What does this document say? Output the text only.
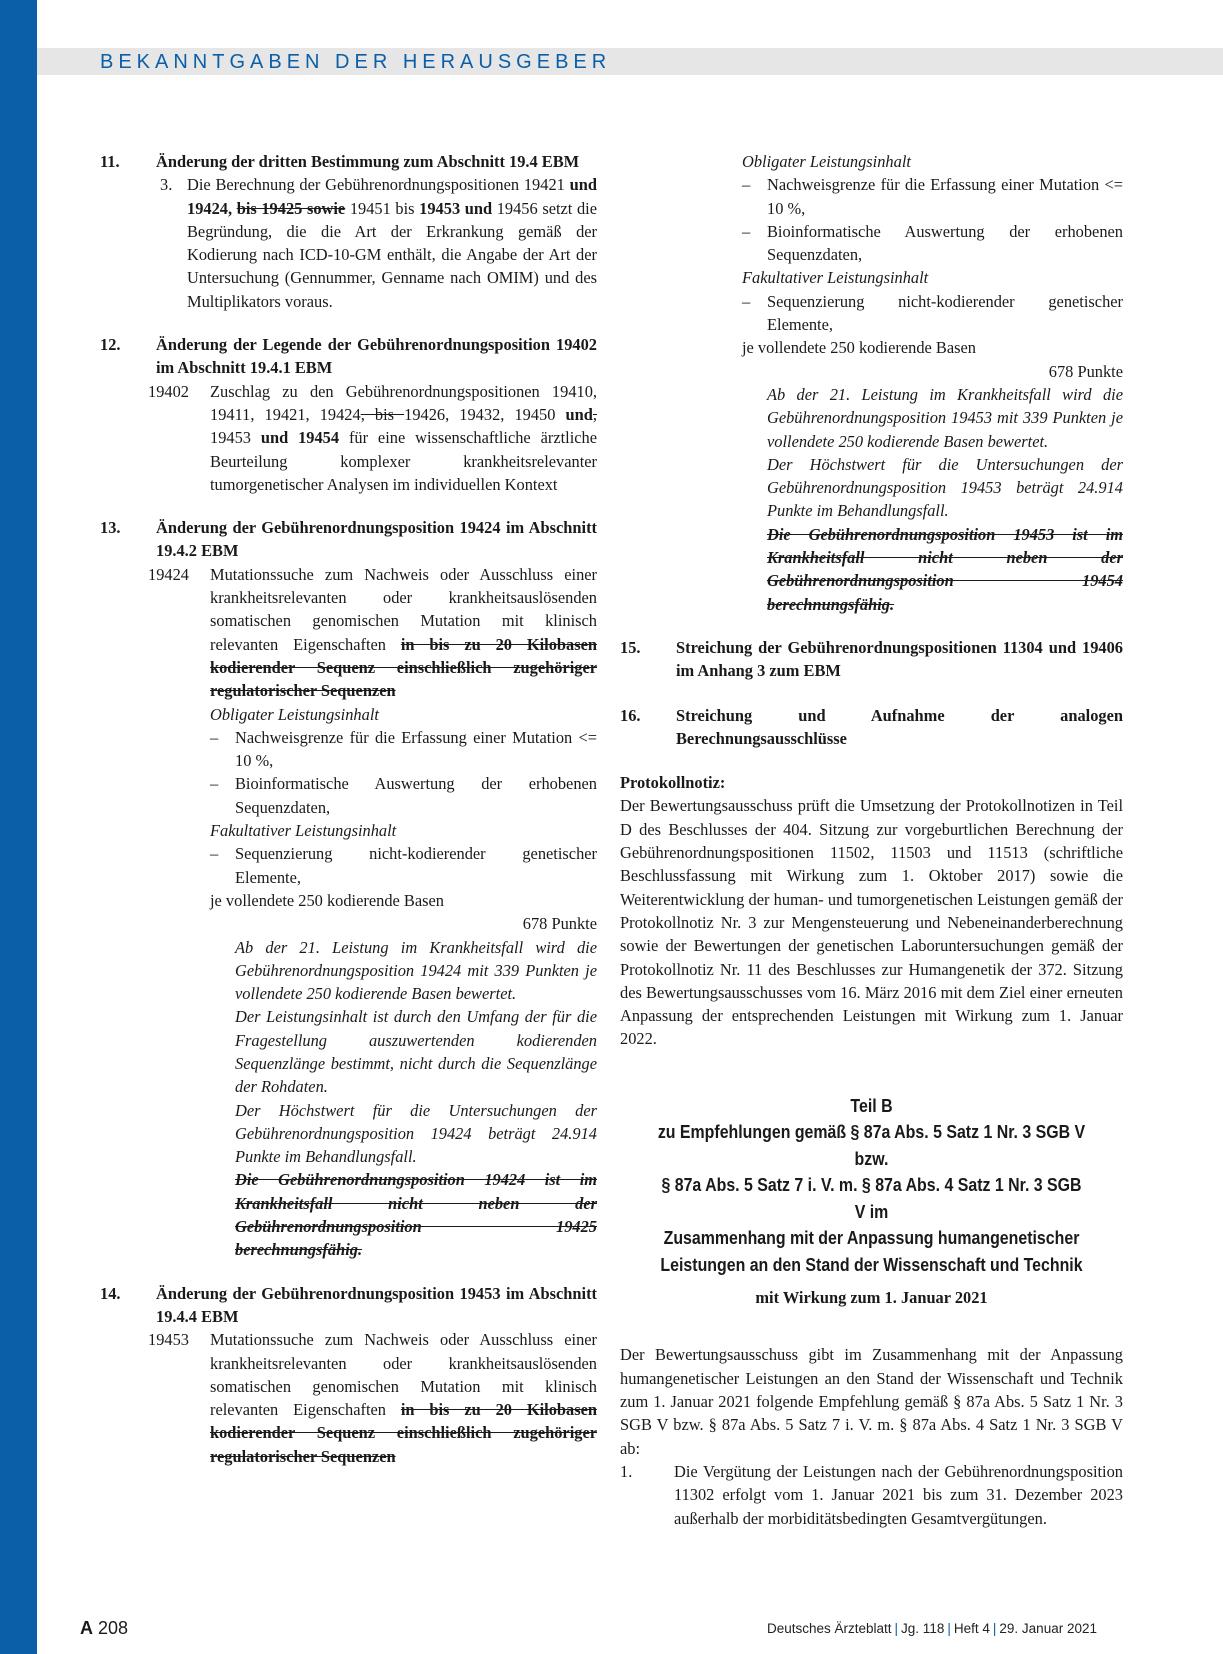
BEKANNTGABEN DER HERAUSGEBER
11.	Änderung der dritten Bestimmung zum Abschnitt 19.4 EBM
3. Die Berechnung der Gebührenordnungspositionen 19421 und 19424, bis 19425 sowie 19451 bis 19453 und 19456 setzt die Begründung, die die Art der Erkrankung gemäß der Kodierung nach ICD-10-GM enthält, die Angabe der Art der Untersuchung (Gennummer, Genname nach OMIM) und des Multiplikators voraus.
12.	Änderung der Legende der Gebührenordnungsposition 19402 im Abschnitt 19.4.1 EBM
19402	Zuschlag zu den Gebührenordnungspositionen 19410, 19411, 19421, 19424, bis 19426, 19432, 19450 und, 19453 und 19454 für eine wissenschaftliche ärztliche Beurteilung komplexer krankheitsrelevanter tumorgenetischer Analysen im individuellen Kontext
13.	Änderung der Gebührenordnungsposition 19424 im Abschnitt 19.4.2 EBM
19424	Mutationssuche zum Nachweis oder Ausschluss einer krankheitsrelevanten oder krankheitsauslösenden somatischen genomischen Mutation mit klinisch relevanten Eigenschaften in bis zu 20 Kilobasen kodierender Sequenz einschließlich zugehöriger regulatorischer Sequenzen
Obligater Leistungsinhalt
–	Nachweisgrenze für die Erfassung einer Mutation <= 10 %,
–	Bioinformatische Auswertung der erhobenen Sequenzdaten,
Fakultativer Leistungsinhalt
–	Sequenzierung nicht-kodierender genetischer Elemente,
je vollendete 250 kodierende Basen
678 Punkte
Ab der 21. Leistung im Krankheitsfall wird die Gebührenordnungsposition 19424 mit 339 Punkten je vollendete 250 kodierende Basen bewertet.
Der Leistungsinhalt ist durch den Umfang der für die Fragestellung auszuwertenden kodierenden Sequenzlänge bestimmt, nicht durch die Sequenzlänge der Rohdaten.
Der Höchstwert für die Untersuchungen der Gebührenordnungsposition 19424 beträgt 24.914 Punkte im Behandlungsfall.
Die Gebührenordnungsposition 19424 ist im Krankheitsfall nicht neben der Gebührenordnungsposition 19425 berechnungsfähig.
14.	Änderung der Gebührenordnungsposition 19453 im Abschnitt 19.4.4 EBM
19453	Mutationssuche zum Nachweis oder Ausschluss einer krankheitsrelevanten oder krankheitsauslösenden somatischen genomischen Mutation mit klinisch relevanten Eigenschaften in bis zu 20 Kilobasen kodierender Sequenz einschließlich zugehöriger regulatorischer Sequenzen
Obligater Leistungsinhalt
–	Nachweisgrenze für die Erfassung einer Mutation <= 10 %,
–	Bioinformatische Auswertung der erhobenen Sequenzdaten,
Fakultativer Leistungsinhalt
–	Sequenzierung nicht-kodierender genetischer Elemente,
je vollendete 250 kodierende Basen
678 Punkte
Ab der 21. Leistung im Krankheitsfall wird die Gebührenordnungsposition 19453 mit 339 Punkten je vollendete 250 kodierende Basen bewertet.
Der Höchstwert für die Untersuchungen der Gebührenordnungsposition 19453 beträgt 24.914 Punkte im Behandlungsfall.
Die Gebührenordnungsposition 19453 ist im Krankheitsfall nicht neben der Gebührenordnungsposition 19454 berechnungsfähig.
15.	Streichung der Gebührenordnungspositionen 11304 und 19406 im Anhang 3 zum EBM
16.	Streichung und Aufnahme der analogen Berechnungsausschlüsse
Protokollnotiz:
Der Bewertungsausschuss prüft die Umsetzung der Protokollnotizen in Teil D des Beschlusses der 404. Sitzung zur vorgeburtlichen Berechnung der Gebührenordnungspositionen 11502, 11503 und 11513 (schriftliche Beschlussfassung mit Wirkung zum 1. Oktober 2017) sowie die Weiterentwicklung der human- und tumorgenetischen Leistungen gemäß der Protokollnotiz Nr. 3 zur Mengensteuerung und Nebeneinanderberechnung sowie der Bewertungen der genetischen Laboruntersuchungen gemäß der Protokollnotiz Nr. 11 des Beschlusses zur Humangenetik der 372. Sitzung des Bewertungsausschusses vom 16. März 2016 mit dem Ziel einer erneuten Anpassung der entsprechenden Leistungen mit Wirkung zum 1. Januar 2022.
Teil B
zu Empfehlungen gemäß § 87a Abs. 5 Satz 1 Nr. 3 SGB V bzw.
§ 87a Abs. 5 Satz 7 i. V. m. § 87a Abs. 4 Satz 1 Nr. 3 SGB V im
Zusammenhang mit der Anpassung humangenetischer
Leistungen an den Stand der Wissenschaft und Technik
mit Wirkung zum 1. Januar 2021
Der Bewertungsausschuss gibt im Zusammenhang mit der Anpassung humangenetischer Leistungen an den Stand der Wissenschaft und Technik zum 1. Januar 2021 folgende Empfehlung gemäß § 87a Abs. 5 Satz 1 Nr. 3 SGB V bzw. § 87a Abs. 5 Satz 7 i. V. m. § 87a Abs. 4 Satz 1 Nr. 3 SGB V ab:
1.	Die Vergütung der Leistungen nach der Gebührenordnungsposition 11302 erfolgt vom 1. Januar 2021 bis zum 31. Dezember 2023 außerhalb der morbiditätsbedingten Gesamtvergütungen.
A 208	Deutsches Ärzteblatt | Jg. 118 | Heft 4 | 29. Januar 2021
